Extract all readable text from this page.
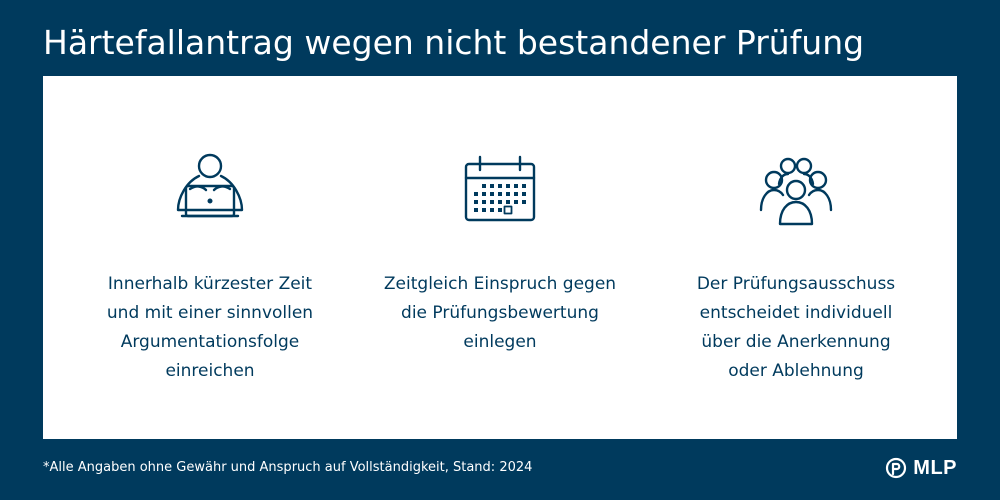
Härtefallantrag wegen nicht bestandener Prüfung
Innerhalb kürzester Zeit
und mit einer sinnvollen
Argumentationsfolge
einreichen
Zeitgleich Einspruch gegen
die Prüfungsbewertung
einlegen
Der Prüfungsausschuss
entscheidet individuell
über die Anerkennung
oder Ablehnung
*Alle Angaben ohne Gewähr und Anspruch auf Vollständigkeit, Stand: 2024	MLP
